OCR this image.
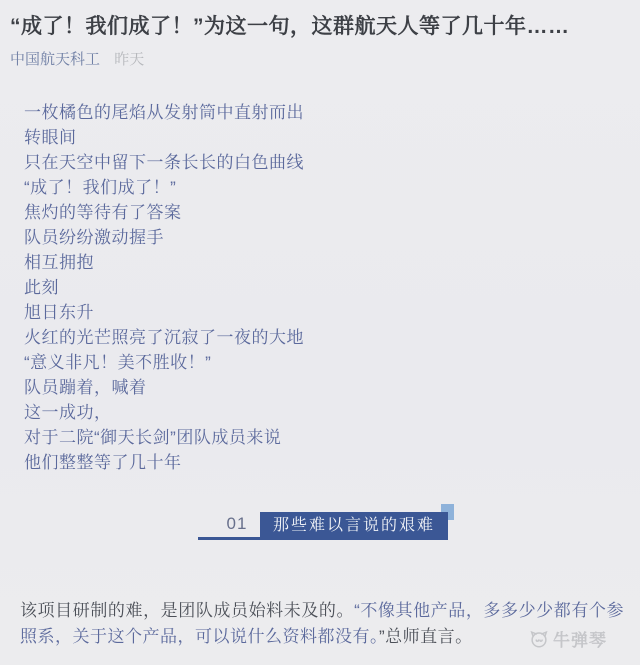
“成了！我们成了！”为这一句，这群航天人等了几十年……
中国航天科工 昨天
一枚橘色的尾焰从发射筒中直射而出
转眼间
只在天空中留下一条长长的白色曲线
“成了！我们成了！”
焦灼的等待有了答案
队员纷纷激动握手
相互拥抱
此刻
旭日东升
火红的光芒照亮了沉寂了一夜的大地
“意义非凡！美不胜收！”
队员蹦着，喊着
这一成功，
对于二院“御天长剑”团队成员来说
他们整整等了几十年
01	那些难以言说的艰难

该项目研制的难，是团队成员始料未及的。“不像其他产品，多多少少都有个参照系，关于这个产品，可以说什么资料都没有。”总师直言。	牛弹琴
